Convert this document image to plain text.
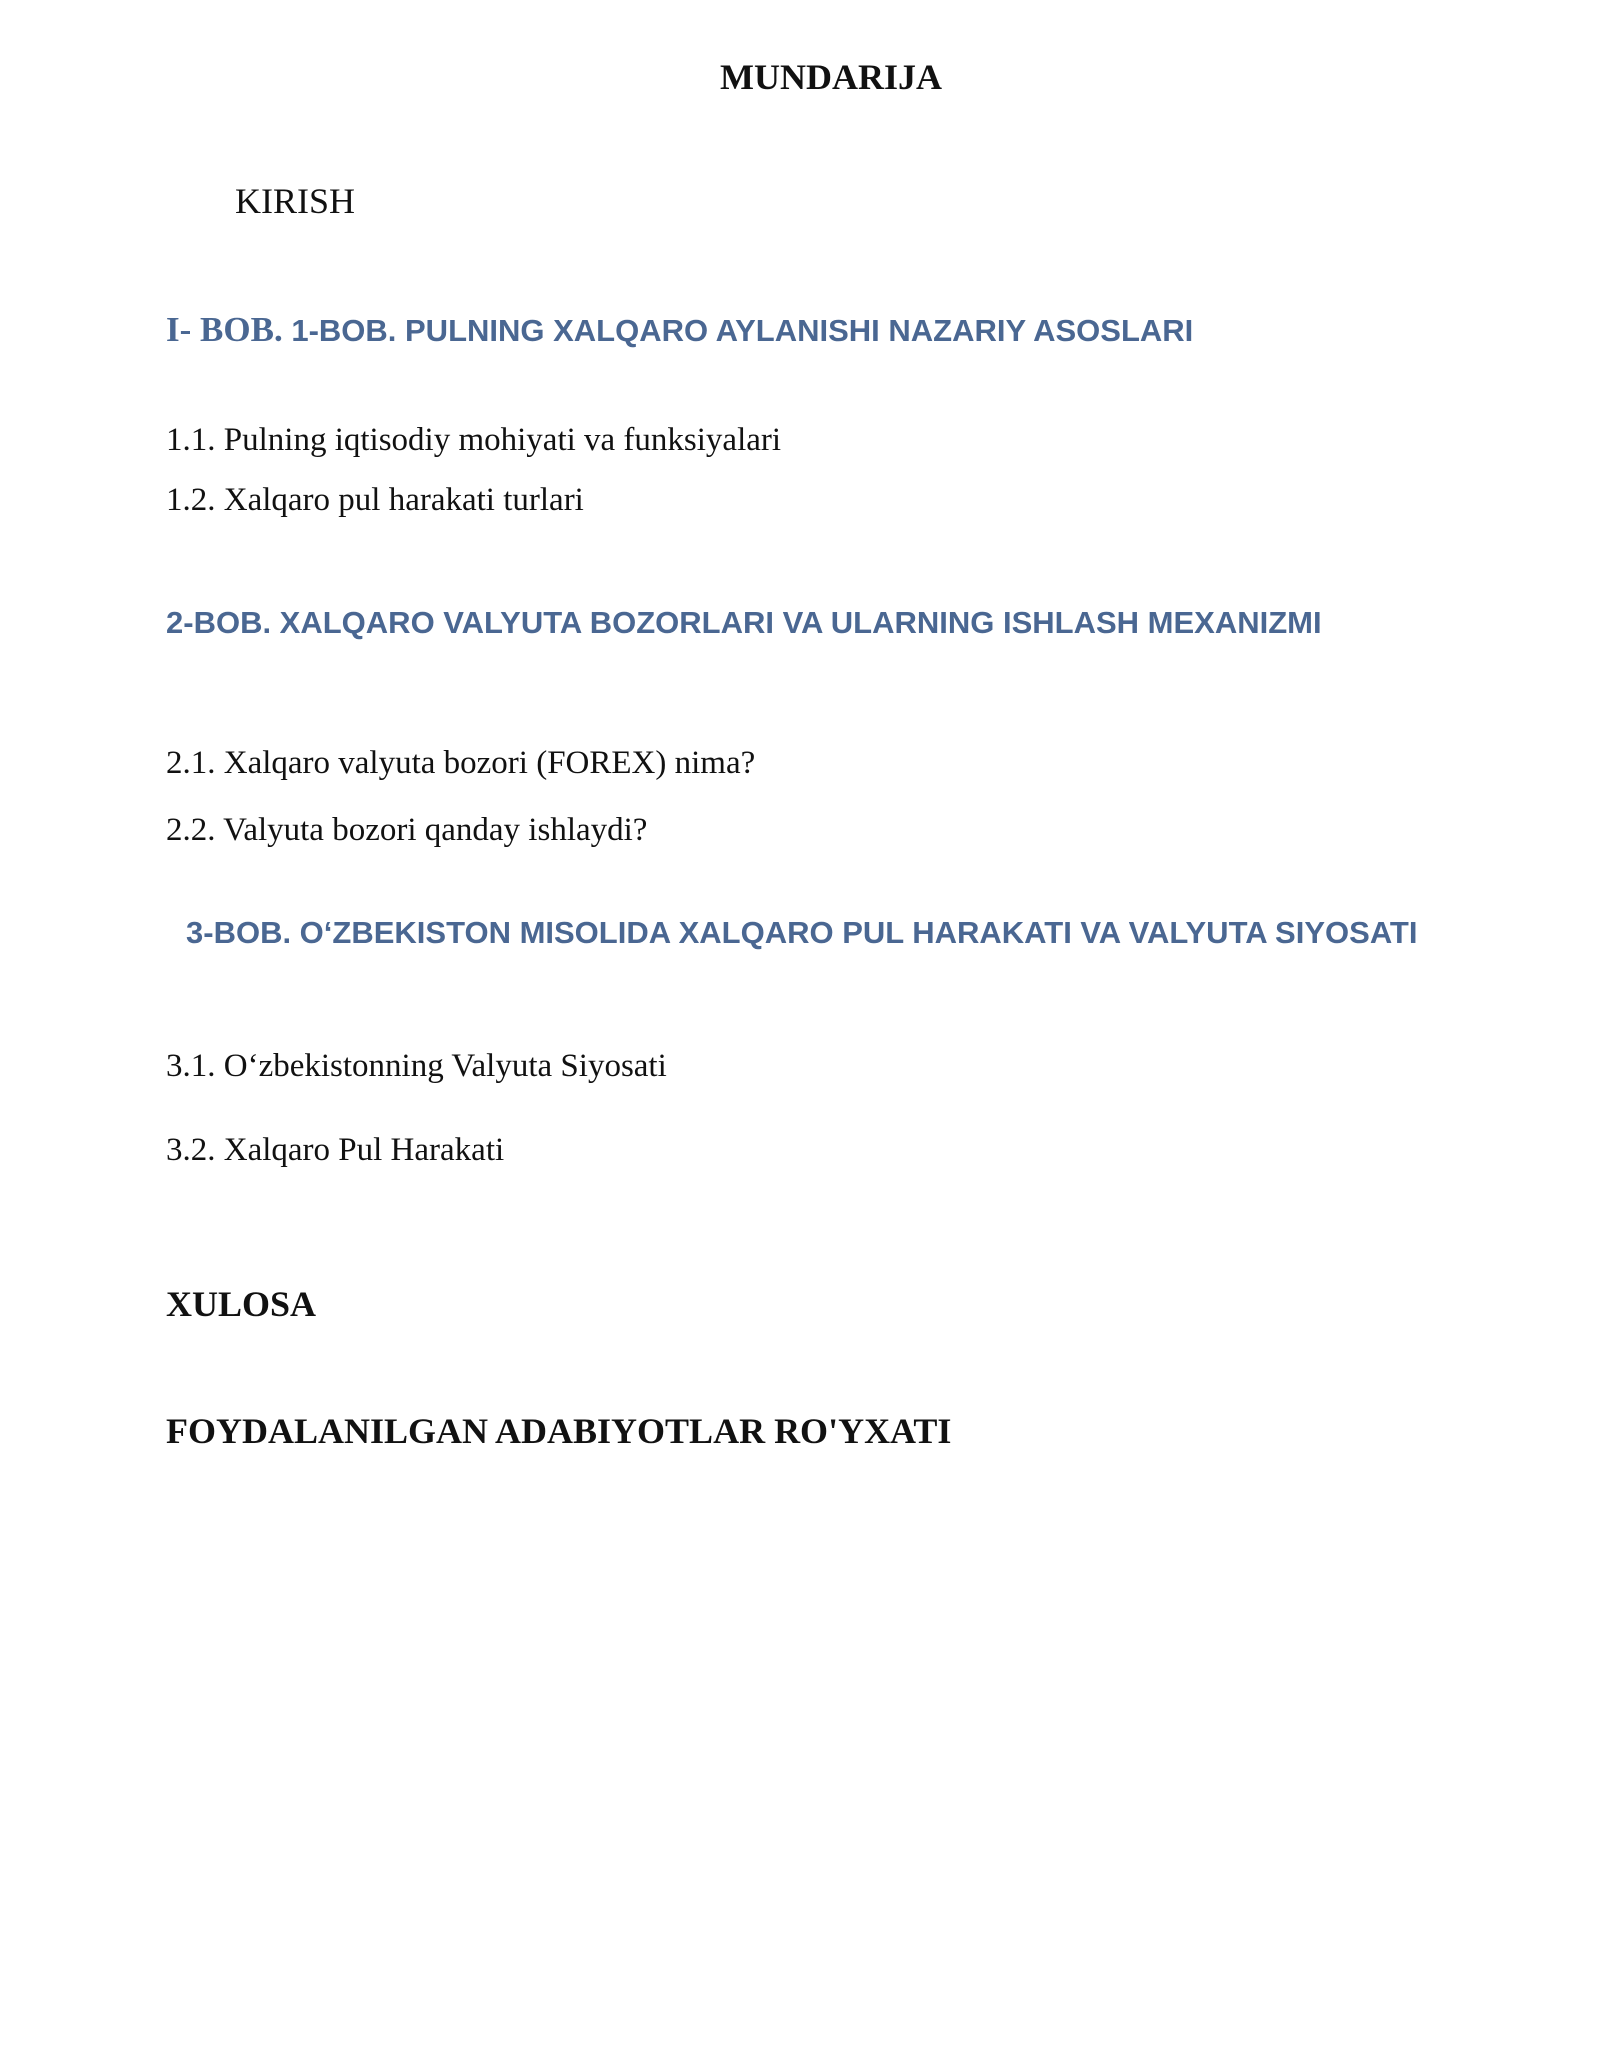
MUNDARIJA

KIRISH

I- BOB. 1-BOB. PULNING XALQARO AYLANISHI NAZARIY ASOSLARI

1.1. Pulning iqtisodiy mohiyati va funksiyalari

1.2. Xalqaro pul harakati turlari

2-BOB. XALQARO VALYUTA BOZORLARI VA ULARNING ISHLASH MEXANIZMI

2.1. Xalqaro valyuta bozori (FOREX) nima?

2.2. Valyuta bozori qanday ishlaydi?

3-BOB. O‘ZBEKISTON MISOLIDA XALQARO PUL HARAKATI VA VALYUTA SIYOSATI

3.1. O‘zbekistonning Valyuta Siyosati

3.2. Xalqaro Pul Harakati

XULOSA

FOYDALANILGAN ADABIYOTLAR RO'YXATI
